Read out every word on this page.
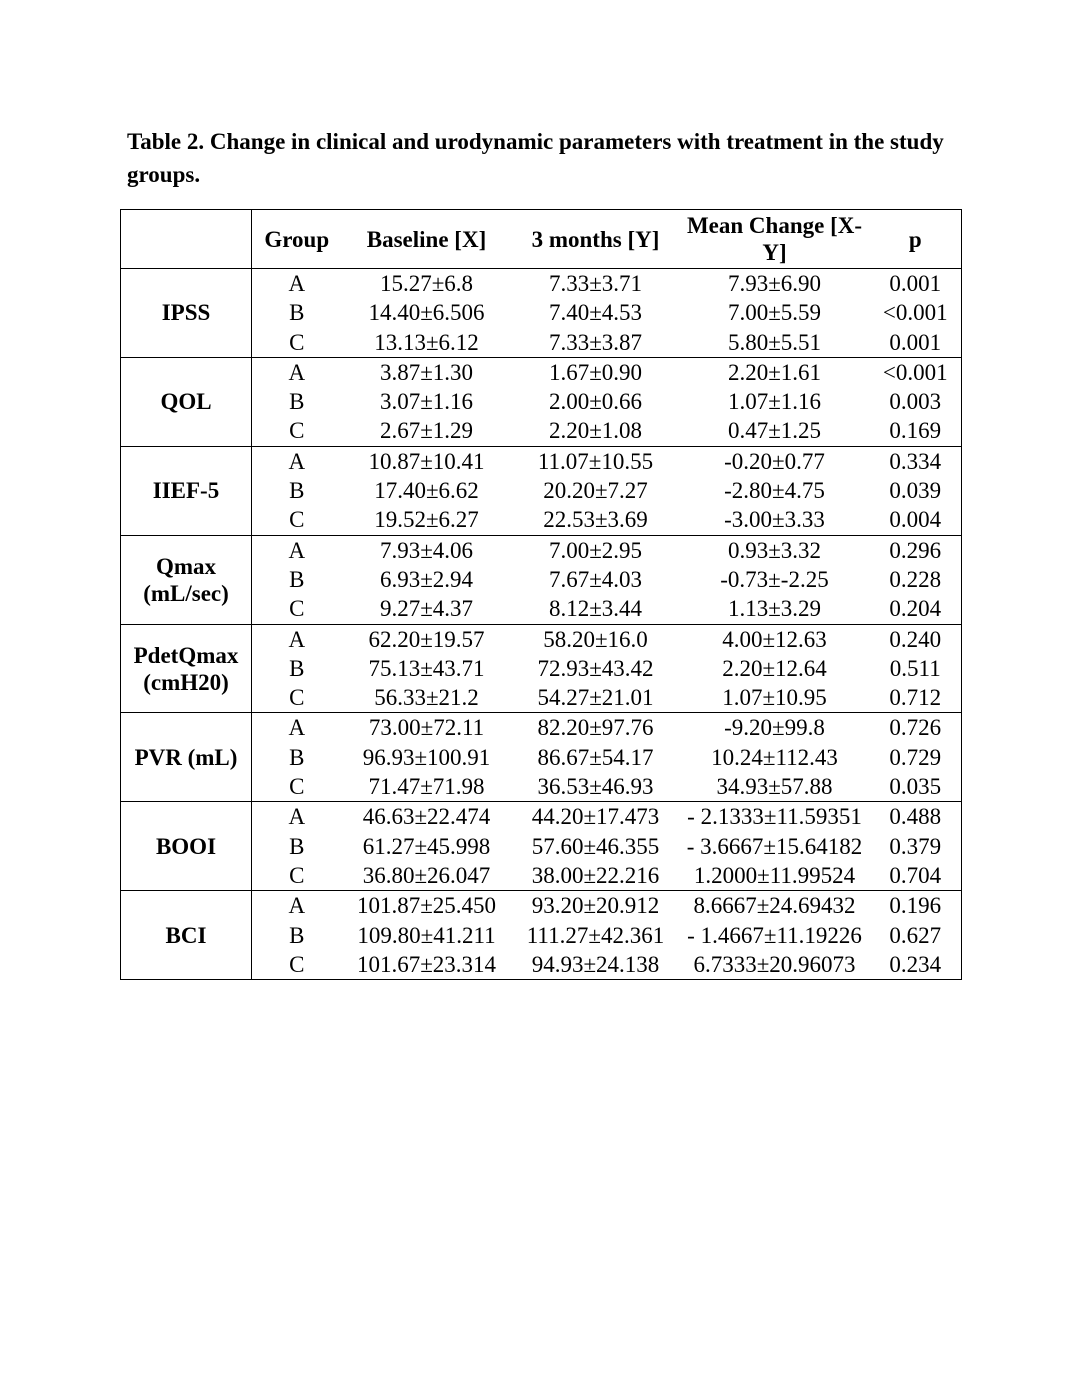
Table 2. Change in clinical and urodynamic parameters with treatment in the study groups.
	Group	Baseline [X]	3 months [Y]	Mean Change [X-Y]	p
IPSS	A	15.27±6.8	7.33±3.71	7.93±6.90	0.001
	B	14.40±6.506	7.40±4.53	7.00±5.59	<0.001
	C	13.13±6.12	7.33±3.87	5.80±5.51	0.001
QOL	A	3.87±1.30	1.67±0.90	2.20±1.61	<0.001
	B	3.07±1.16	2.00±0.66	1.07±1.16	0.003
	C	2.67±1.29	2.20±1.08	0.47±1.25	0.169
IIEF-5	A	10.87±10.41	11.07±10.55	-0.20±0.77	0.334
	B	17.40±6.62	20.20±7.27	-2.80±4.75	0.039
	C	19.52±6.27	22.53±3.69	-3.00±3.33	0.004
Qmax (mL/sec)	A	7.93±4.06	7.00±2.95	0.93±3.32	0.296
	B	6.93±2.94	7.67±4.03	-0.73±-2.25	0.228
	C	9.27±4.37	8.12±3.44	1.13±3.29	0.204
PdetQmax (cmH20)	A	62.20±19.57	58.20±16.0	4.00±12.63	0.240
	B	75.13±43.71	72.93±43.42	2.20±12.64	0.511
	C	56.33±21.2	54.27±21.01	1.07±10.95	0.712
PVR (mL)	A	73.00±72.11	82.20±97.76	-9.20±99.8	0.726
	B	96.93±100.91	86.67±54.17	10.24±112.43	0.729
	C	71.47±71.98	36.53±46.93	34.93±57.88	0.035
BOOI	A	46.63±22.474	44.20±17.473	- 2.1333±11.59351	0.488
	B	61.27±45.998	57.60±46.355	- 3.6667±15.64182	0.379
	C	36.80±26.047	38.00±22.216	1.2000±11.99524	0.704
BCI	A	101.87±25.450	93.20±20.912	8.6667±24.69432	0.196
	B	109.80±41.211	111.27±42.361	- 1.4667±11.19226	0.627
	C	101.67±23.314	94.93±24.138	6.7333±20.96073	0.234
